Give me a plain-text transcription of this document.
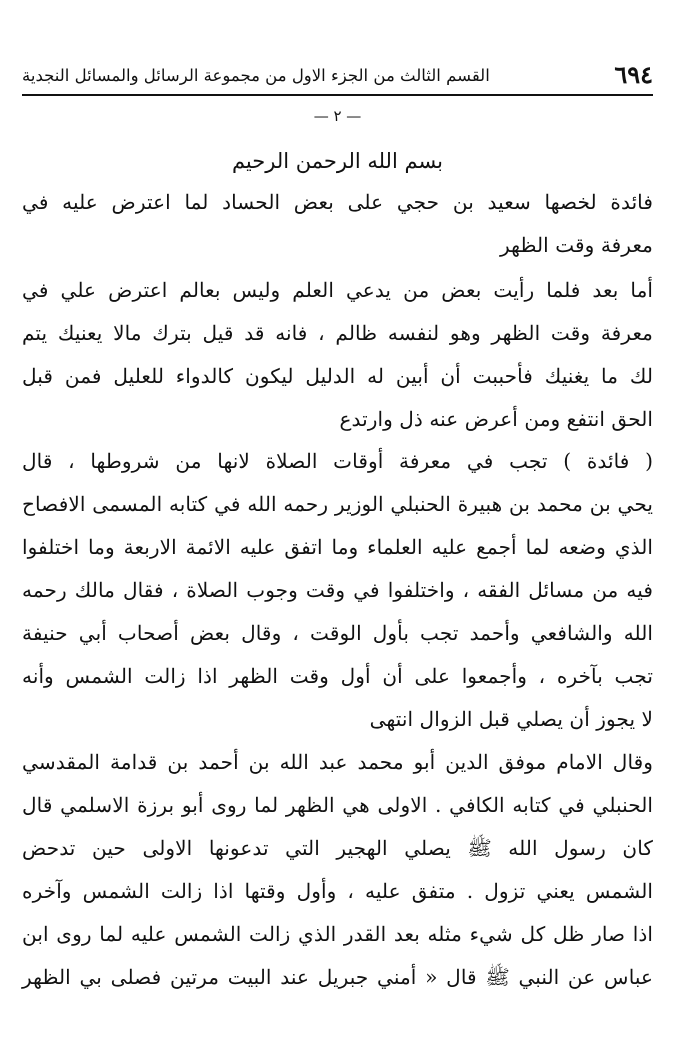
٦٩٤
القسم الثالث من الجزء الاول من مجموعة الرسائل والمسائل النجدية
— ٢ —
بسم الله الرحمن الرحيم
فائدة لخصها سعيد بن حجي على بعض الحساد لما اعترض عليه في
معرفة وقت الظهر
أما بعد فلما رأيت بعض من يدعي العلم وليس بعالم اعترض علي في
معرفة وقت الظهر وهو لنفسه ظالم ، فانه قد قيل بترك مالا يعنيك يتم
لك ما يغنيك فأحببت أن أبين له الدليل ليكون كالدواء للعليل فمن قبل
الحق انتفع ومن أعرض عنه ذل وارتدع
( فائدة ) تجب في معرفة أوقات الصلاة لانها من شروطها ، قال
يحي بن محمد بن هبيرة الحنبلي الوزير رحمه الله في كتابه المسمى الافصاح
الذي وضعه لما أجمع عليه العلماء وما اتفق عليه الائمة الاربعة وما اختلفوا
فيه من مسائل الفقه ، واختلفوا في وقت وجوب الصلاة ، فقال مالك رحمه
الله والشافعي وأحمد تجب بأول الوقت ، وقال بعض أصحاب أبي حنيفة
تجب بآخره ، وأجمعوا على أن أول وقت الظهر اذا زالت الشمس وأنه
لا يجوز أن يصلي قبل الزوال انتهى
وقال الامام موفق الدين أبو محمد عبد الله بن أحمد بن قدامة المقدسي
الحنبلي في كتابه الكافي . الاولى هي الظهر لما روى أبو برزة الاسلمي قال
كان رسول الله ﷺ يصلي الهجير التي تدعونها الاولى حين تدحض
الشمس يعني تزول . متفق عليه ، وأول وقتها اذا زالت الشمس وآخره
اذا صار ظل كل شيء مثله بعد القدر الذي زالت الشمس عليه لما روى ابن
عباس عن النبي ﷺ قال « أمني جبريل عند البيت مرتين فصلى بي الظهر
